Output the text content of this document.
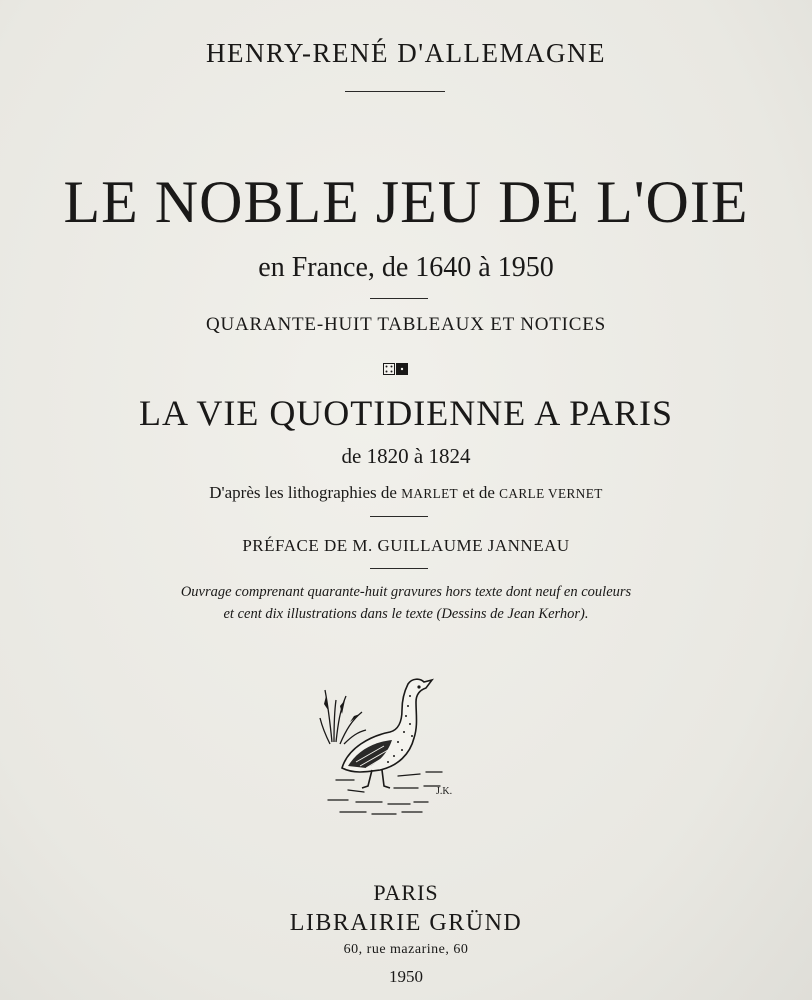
HENRY-RENÉ D'ALLEMAGNE
LE NOBLE JEU DE L'OIE
en France, de 1640 à 1950
QUARANTE-HUIT TABLEAUX ET NOTICES
LA VIE QUOTIDIENNE A PARIS
de 1820 à 1824
D'après les lithographies de MARLET et de CARLE VERNET
PRÉFACE DE M. GUILLAUME JANNEAU
Ouvrage comprenant quarante-huit gravures hors texte dont neuf en couleurs
et cent dix illustrations dans le texte (Dessins de Jean Kerhor).
J.K.
PARIS
LIBRAIRIE GRÜND
60, rue mazarine, 60
1950
